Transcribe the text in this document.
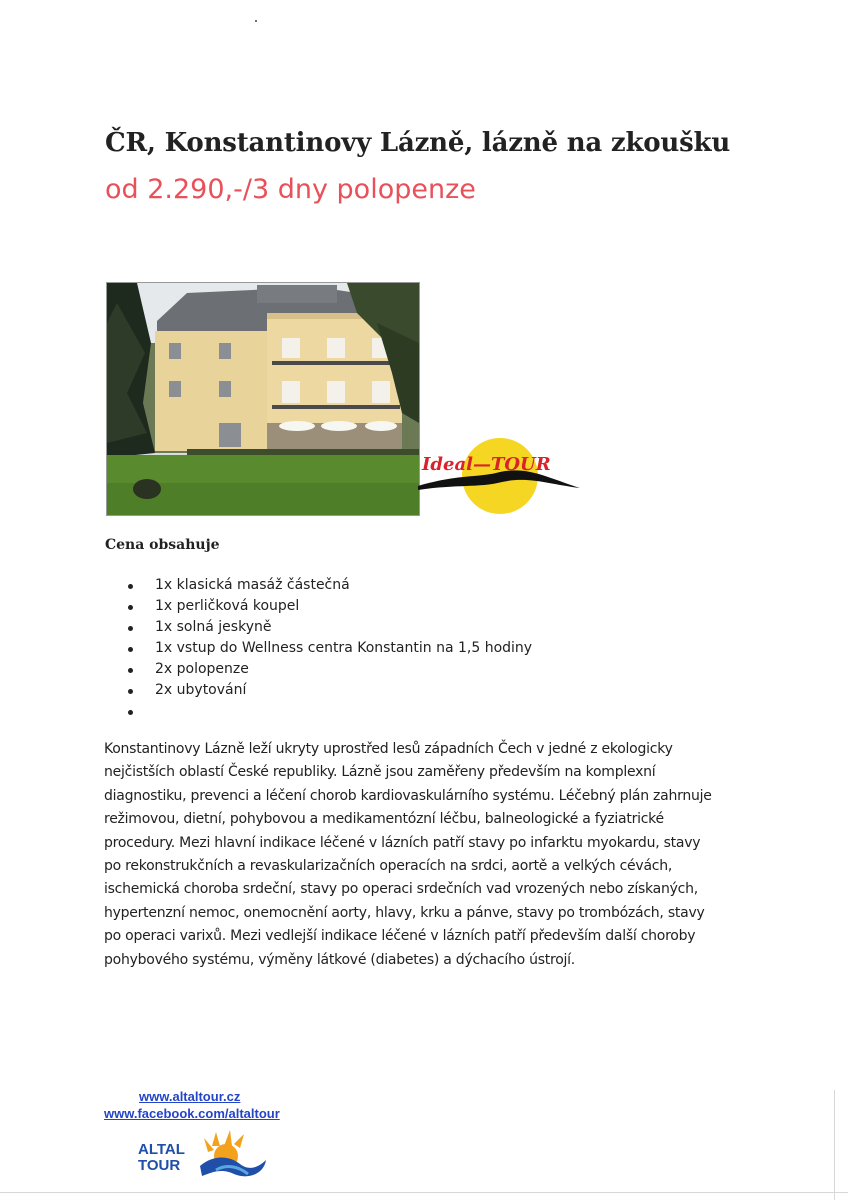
ČR, Konstantinovy Lázně, lázně na zkoušku
od 2.290,-/3 dny polopenze
Ideal—TOUR
Cena obsahuje
1x klasická masáž částečná
1x perličková koupel
1x solná jeskyně
1x vstup do Wellness centra Konstantin na 1,5 hodiny
2x polopenze
2x ubytování

Konstantinovy Lázně leží ukryty uprostřed lesů západních Čech v jedné z ekologicky
nejčistších oblastí České republiky. Lázně jsou zaměřeny především na komplexní
diagnostiku, prevenci a léčení chorob kardiovaskulárního systému. Léčebný plán zahrnuje
režimovou, dietní, pohybovou a medikamentózní léčbu, balneologické a fyziatrické
procedury. Mezi hlavní indikace léčené v lázních patří stavy po infarktu myokardu, stavy
po rekonstrukčních a revaskularizačních operacích na srdci, aortě a velkých cévách,
ischemická choroba srdeční, stavy po operaci srdečních vad vrozených nebo získaných,
hypertenzní nemoc, onemocnění aorty, hlavy, krku a pánve, stavy po trombózách, stavy
po operaci varixů. Mezi vedlejší indikace léčené v lázních patří především další choroby
pohybového systému, výměny látkové (diabetes) a dýchacího ústrojí.

www.altaltour.cz
www.facebook.com/altaltour
ALTAL
TOUR
